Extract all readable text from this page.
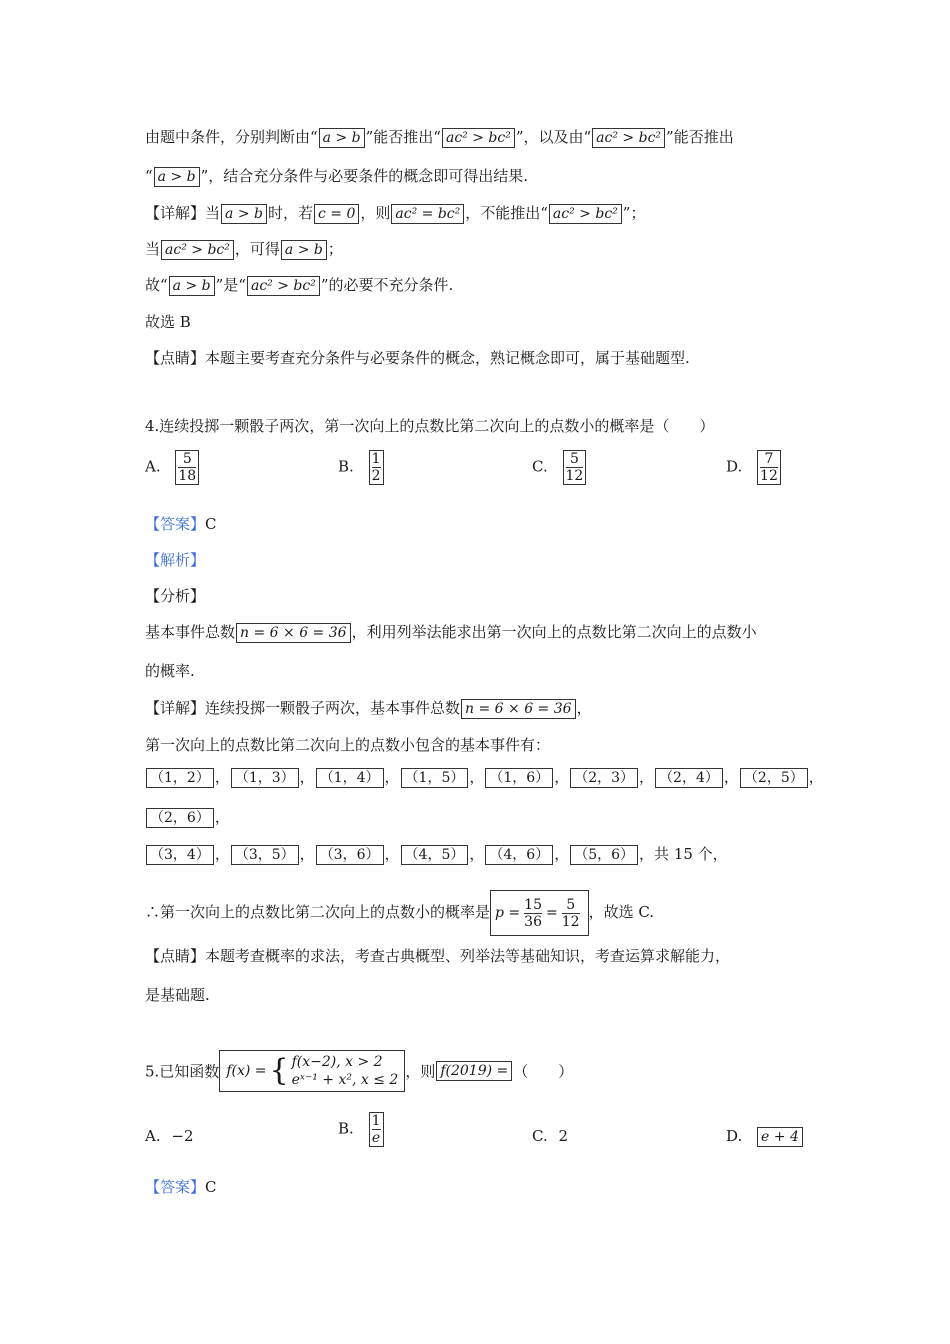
由题中条件，分别判断由“ a > b ”能否推出“ ac² > bc² ”，以及由“ ac² > bc² ”能否推出
“ a > b ”，结合充分条件与必要条件的概念即可得出结果.
【详解】当 a > b 时，若 c = 0 ，则 ac² = bc² ，不能推出“ ac² > bc² ”；
当 ac² > bc² ，可得 a > b ；
故“ a > b ”是“ ac² > bc² ”的必要不充分条件.
故选 B
【点睛】本题主要考查充分条件与必要条件的概念，熟记概念即可，属于基础题型.
4.连续投掷一颗骰子两次，第一次向上的点数比第二次向上的点数小的概率是（　　）
A. $\frac{5}{18}$	B. $\frac{1}{2}$	C. $\frac{5}{12}$	D. $\frac{7}{12}$
【答案】C
【解析】
【分析】
基本事件总数 n = 6 × 6 = 36 ，利用列举法能求出第一次向上的点数比第二次向上的点数小
的概率.
【详解】连续投掷一颗骰子两次，基本事件总数 n = 6 × 6 = 36 ，
第一次向上的点数比第二次向上的点数小包含的基本事件有：
（1，2） ， （1，3） ， （1，4） ， （1，5） ， （1，6） ， （2，3） ， （2，4） ， （2，5） ，
（2，6） ，
（3，4） ， （3，5） ， （3，6） ， （4，5） ， （4，6） ， （5，6） ，共 15 个，
∴第一次向上的点数比第二次向上的点数小的概率是 $p = \frac{15}{36} = \frac{5}{12}$ ，故选 C.
【点睛】本题考查概率的求法，考查古典概型、列举法等基础知识，考查运算求解能力，
是基础题.
5.已知函数 f(x) = { f(x−2), x > 2
eˣ⁻¹ + x², x ≤ 2 ，则 f(2019) = （　　）
A. −2	B. $\frac{1}{e}$	C. 2	D. e + 4
【答案】C
